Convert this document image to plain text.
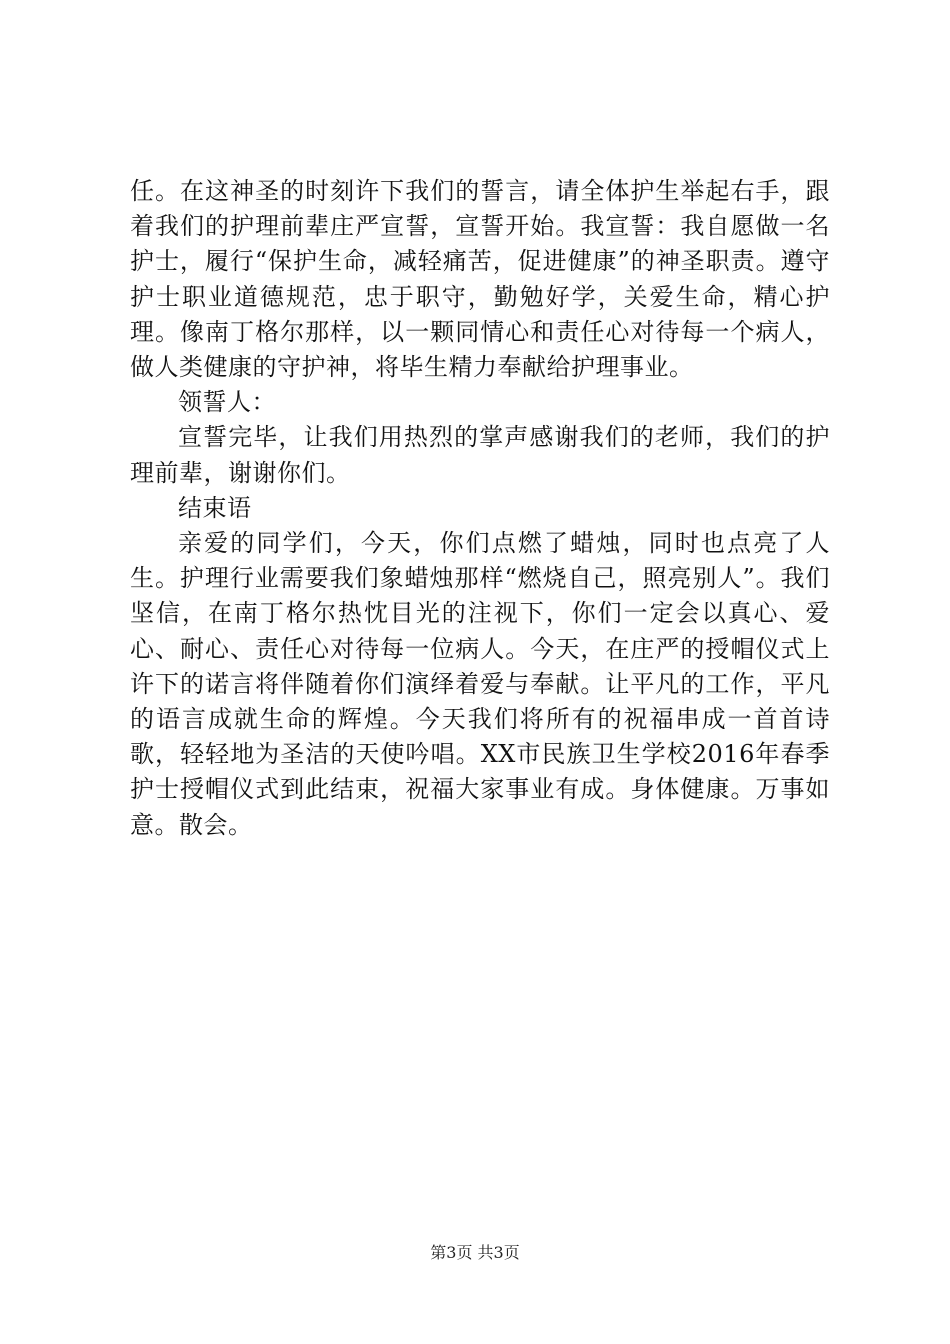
任。在这神圣的时刻许下我们的誓言，请全体护生举起右手，跟着我们的护理前辈庄严宣誓，宣誓开始。我宣誓：我自愿做一名护士，履行“保护生命，减轻痛苦，促进健康”的神圣职责。遵守护士职业道德规范，忠于职守，勤勉好学，关爱生命，精心护理。像南丁格尔那样，以一颗同情心和责任心对待每一个病人，做人类健康的守护神，将毕生精力奉献给护理事业。

领誓人：

宣誓完毕，让我们用热烈的掌声感谢我们的老师，我们的护理前辈，谢谢你们。

结束语

亲爱的同学们，今天，你们点燃了蜡烛，同时也点亮了人生。护理行业需要我们象蜡烛那样“燃烧自己，照亮别人”。我们坚信，在南丁格尔热忱目光的注视下，你们一定会以真心、爱心、耐心、责任心对待每一位病人。今天，在庄严的授帽仪式上许下的诺言将伴随着你们演绎着爱与奉献。让平凡的工作，平凡的语言成就生命的辉煌。今天我们将所有的祝福串成一首首诗歌，轻轻地为圣洁的天使吟唱。XX市民族卫生学校2016年春季护士授帽仪式到此结束，祝福大家事业有成。身体健康。万事如意。散会。

第3页 共3页
